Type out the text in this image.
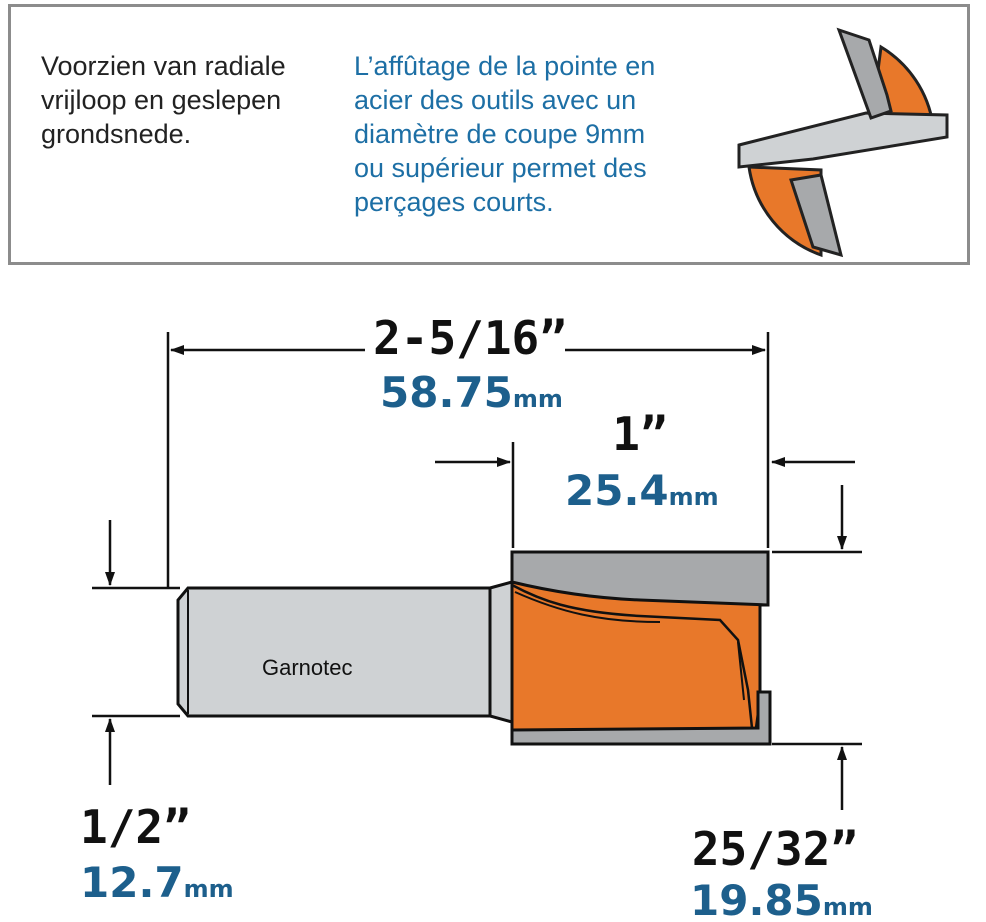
Voorzien van radiale
vrijloop en geslepen
grondsnede.
L’affûtage de la pointe en
acier des outils avec un
diamètre de coupe 9mm
ou supérieur permet des
perçages courts.
Garnotec
2-5/16”
58.75mm
1”
25.4mm
1/2”
12.7mm
25/32”
19.85mm
